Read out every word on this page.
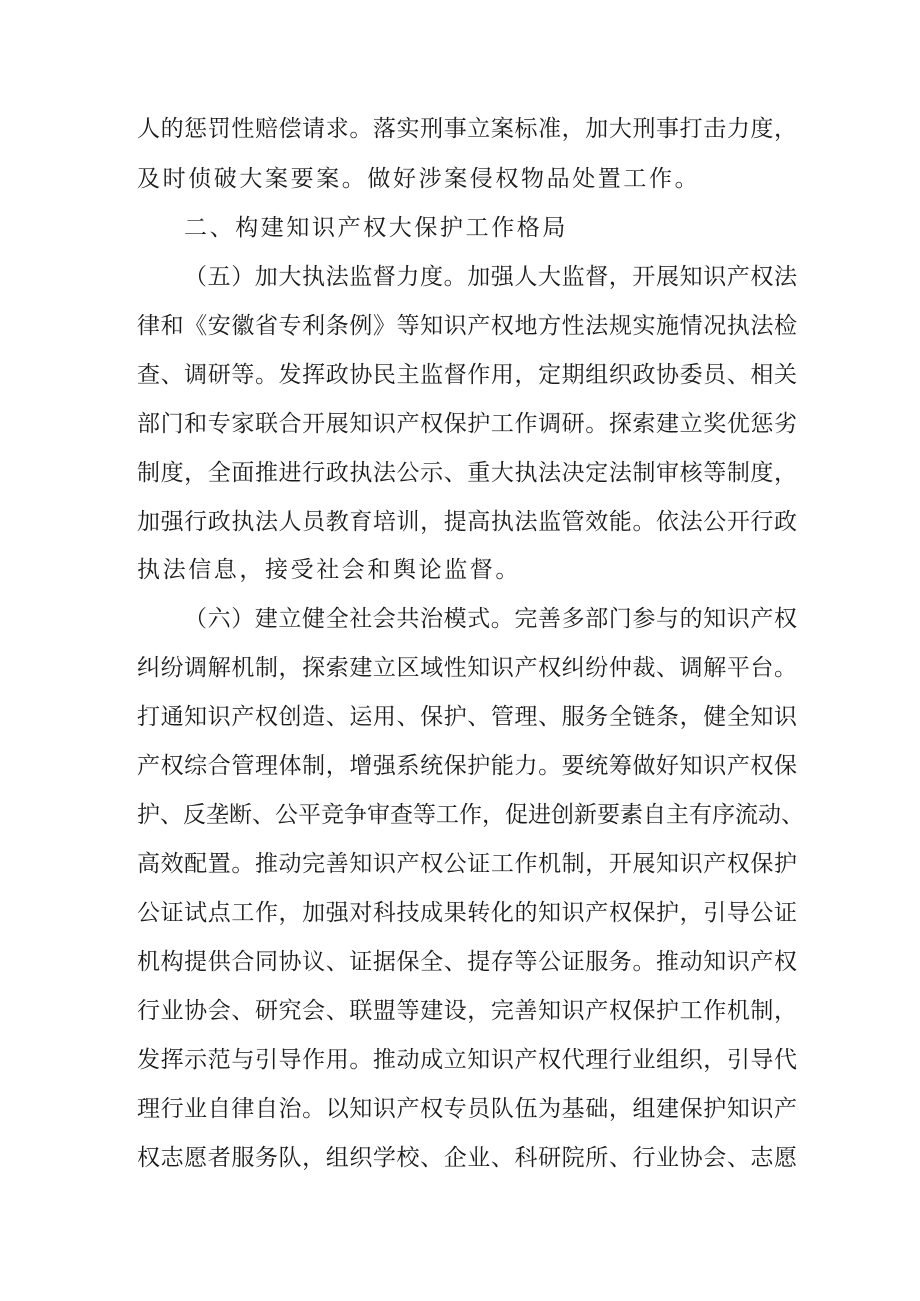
人的惩罚性赔偿请求。落实刑事立案标准，加大刑事打击力度，
及时侦破大案要案。做好涉案侵权物品处置工作。
二、构建知识产权大保护工作格局
（五）加大执法监督力度。加强人大监督，开展知识产权法
律和《安徽省专利条例》等知识产权地方性法规实施情况执法检
查、调研等。发挥政协民主监督作用，定期组织政协委员、相关
部门和专家联合开展知识产权保护工作调研。探索建立奖优惩劣
制度，全面推进行政执法公示、重大执法决定法制审核等制度，
加强行政执法人员教育培训，提高执法监管效能。依法公开行政
执法信息，接受社会和舆论监督。
（六）建立健全社会共治模式。完善多部门参与的知识产权
纠纷调解机制，探索建立区域性知识产权纠纷仲裁、调解平台。
打通知识产权创造、运用、保护、管理、服务全链条，健全知识
产权综合管理体制，增强系统保护能力。要统筹做好知识产权保
护、反垄断、公平竞争审查等工作，促进创新要素自主有序流动、
高效配置。推动完善知识产权公证工作机制，开展知识产权保护
公证试点工作，加强对科技成果转化的知识产权保护，引导公证
机构提供合同协议、证据保全、提存等公证服务。推动知识产权
行业协会、研究会、联盟等建设，完善知识产权保护工作机制，
发挥示范与引导作用。推动成立知识产权代理行业组织，引导代
理行业自律自治。以知识产权专员队伍为基础，组建保护知识产
权志愿者服务队，组织学校、企业、科研院所、行业协会、志愿
